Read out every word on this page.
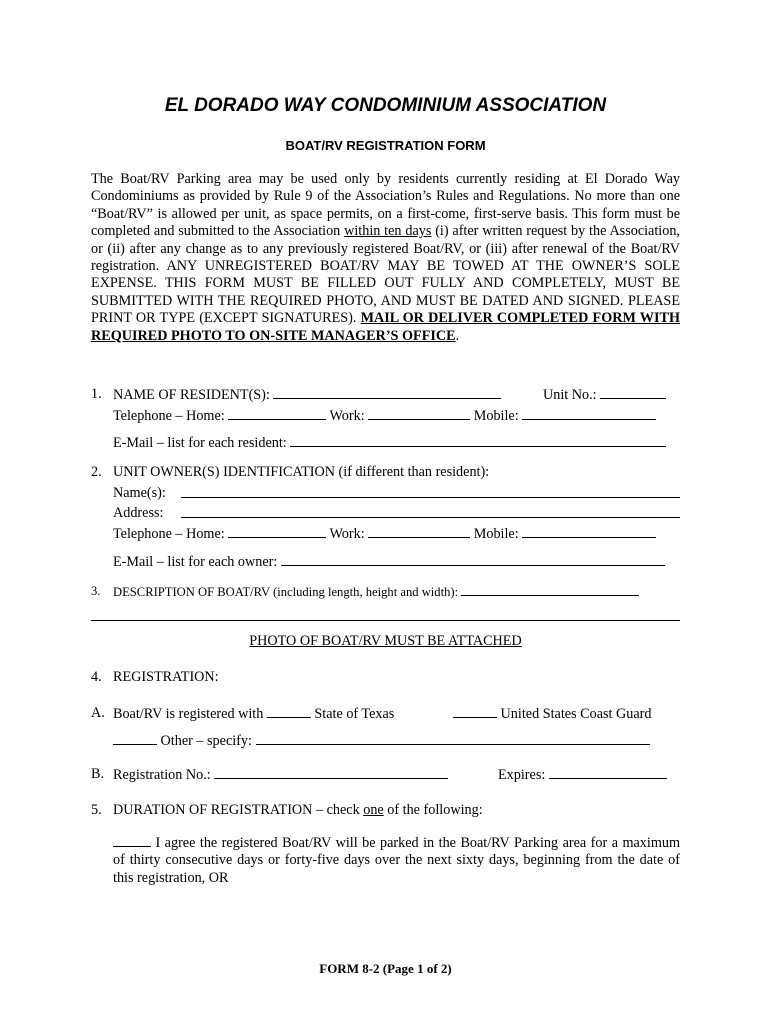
EL DORADO WAY CONDOMINIUM ASSOCIATION
BOAT/RV REGISTRATION FORM
The Boat/RV Parking area may be used only by residents currently residing at El Dorado Way Condominiums as provided by Rule 9 of the Association’s Rules and Regulations. No more than one “Boat/RV” is allowed per unit, as space permits, on a first-come, first-serve basis. This form must be completed and submitted to the Association within ten days (i) after written request by the Association, or (ii) after any change as to any previously registered Boat/RV, or (iii) after renewal of the Boat/RV registration. ANY UNREGISTERED BOAT/RV MAY BE TOWED AT THE OWNER’S SOLE EXPENSE. THIS FORM MUST BE FILLED OUT FULLY AND COMPLETELY, MUST BE SUBMITTED WITH THE REQUIRED PHOTO, AND MUST BE DATED AND SIGNED. PLEASE PRINT OR TYPE (EXCEPT SIGNATURES). MAIL OR DELIVER COMPLETED FORM WITH REQUIRED PHOTO TO ON-SITE MANAGER’S OFFICE.
1. NAME OF RESIDENT(S):	Unit No.:
Telephone – Home:	Work:	Mobile:
E-Mail – list for each resident:
2. UNIT OWNER(S) IDENTIFICATION (if different than resident):
Name(s):
Address:
Telephone – Home:	Work:	Mobile:
E-Mail – list for each owner:
3. DESCRIPTION OF BOAT/RV (including length, height and width):
PHOTO OF BOAT/RV MUST BE ATTACHED
4. REGISTRATION:
A. Boat/RV is registered with	State of Texas	United States Coast Guard
Other – specify:
B. Registration No.:	Expires:
5. DURATION OF REGISTRATION – check one of the following:
I agree the registered Boat/RV will be parked in the Boat/RV Parking area for a maximum of thirty consecutive days or forty-five days over the next sixty days, beginning from the date of this registration, OR
FORM 8-2 (Page 1 of 2)
